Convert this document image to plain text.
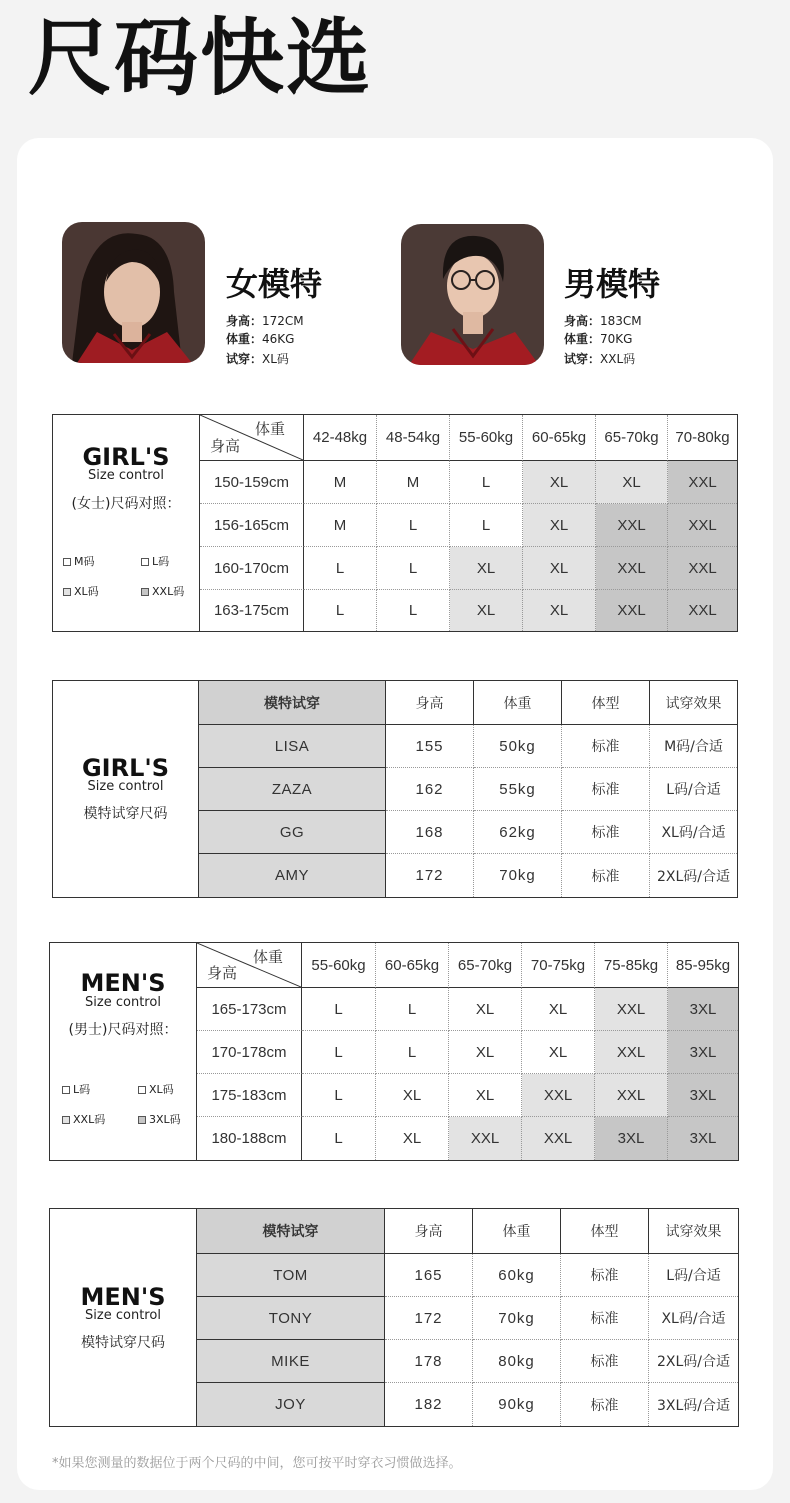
尺码快选
女模特
身高：172CM
体重：46KG
试穿：XL码
男模特
身高：183CM
体重：70KG
试穿：XXL码
GIRL'S
Size control
(女士)尺码对照：
M码	L码
XL码	XXL码
体重
身高
42-48kg	48-54kg	55-60kg	60-65kg	65-70kg	70-80kg
150-159cm	M	M	L	XL	XL	XXL
156-165cm	M	L	L	XL	XXL	XXL
160-170cm	L	L	XL	XL	XXL	XXL
163-175cm	L	L	XL	XL	XXL	XXL
GIRL'S
Size control
模特试穿尺码
模特试穿	身高	体重	体型	试穿效果
LISA	155	50kg	标准	M码/合适
ZAZA	162	55kg	标准	L码/合适
GG	168	62kg	标准	XL码/合适
AMY	172	70kg	标准	2XL码/合适
MEN'S
Size control
(男士)尺码对照：
L码	XL码
XXL码	3XL码
体重
身高	55-60kg	60-65kg	65-70kg	70-75kg	75-85kg	85-95kg
165-173cm	L	L	XL	XL	XXL	3XL
170-178cm	L	L	XL	XL	XXL	3XL
175-183cm	L	XL	XL	XXL	XXL	3XL
180-188cm	L	XL	XXL	XXL	3XL	3XL
MEN'S
Size control
模特试穿尺码
模特试穿	身高	体重	体型	试穿效果
TOM	165	60kg	标准	L码/合适
TONY	172	70kg	标准	XL码/合适
MIKE	178	80kg	标准	2XL码/合适
JOY	182	90kg	标准	3XL码/合适
*如果您测量的数据位于两个尺码的中间，您可按平时穿衣习惯做选择。
